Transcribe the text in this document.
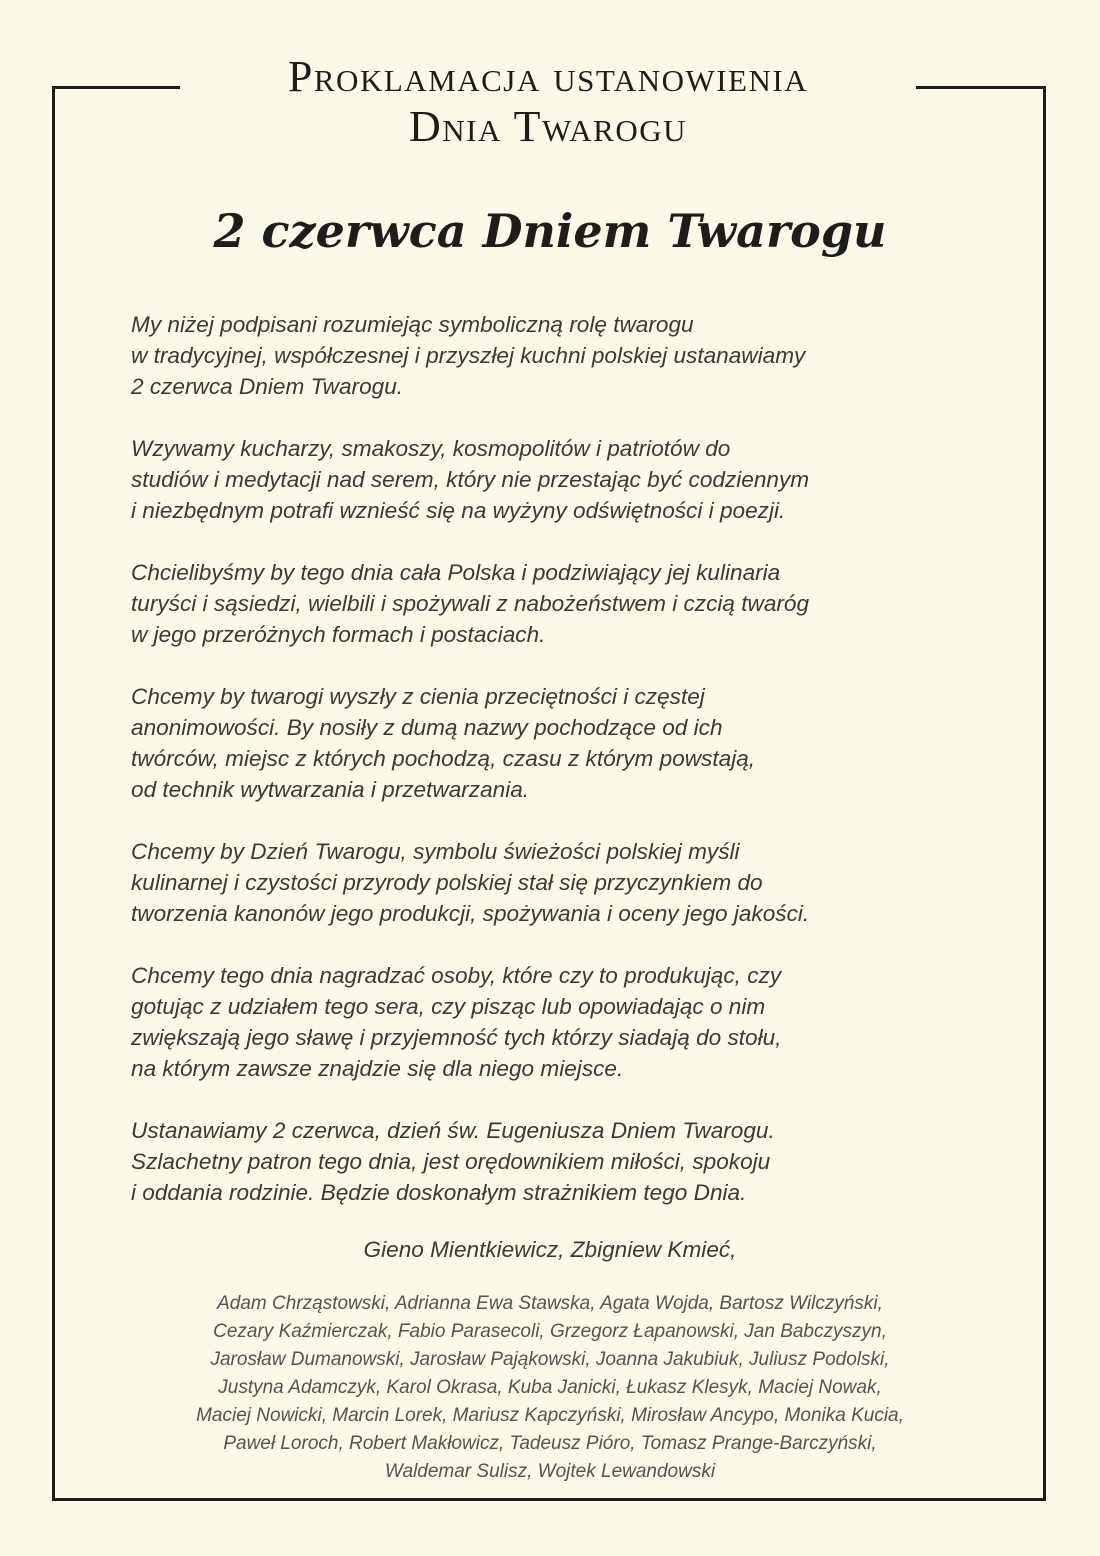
Proklamacja ustanowienia
Dnia Twarogu
2 czerwca Dniem Twarogu

My niżej podpisani rozumiejąc symboliczną rolę twarogu
w tradycyjnej, współczesnej i przyszłej kuchni polskiej ustanawiamy
2 czerwca Dniem Twarogu.

Wzywamy kucharzy, smakoszy, kosmopolitów i patriotów do
studiów i medytacji nad serem, który nie przestając być codziennym
i niezbędnym potrafi wznieść się na wyżyny odświętności i poezji.

Chcielibyśmy by tego dnia cała Polska i podziwiający jej kulinaria
turyści i sąsiedzi, wielbili i spożywali z nabożeństwem i czcią twaróg
w jego przeróżnych formach i postaciach.

Chcemy by twarogi wyszły z cienia przeciętności i częstej
anonimowości. By nosiły z dumą nazwy pochodzące od ich
twórców, miejsc z których pochodzą, czasu z którym powstają,
od technik wytwarzania i przetwarzania.

Chcemy by Dzień Twarogu, symbolu świeżości polskiej myśli
kulinarnej i czystości przyrody polskiej stał się przyczynkiem do
tworzenia kanonów jego produkcji, spożywania i oceny jego jakości.

Chcemy tego dnia nagradzać osoby, które czy to produkując, czy
gotując z udziałem tego sera, czy pisząc lub opowiadając o nim
zwiększają jego sławę i przyjemność tych którzy siadają do stołu,
na którym zawsze znajdzie się dla niego miejsce.

Ustanawiamy 2 czerwca, dzień św. Eugeniusza Dniem Twarogu.
Szlachetny patron tego dnia, jest orędownikiem miłości, spokoju
i oddania rodzinie. Będzie doskonałym strażnikiem tego Dnia.

Gieno Mientkiewicz, Zbigniew Kmieć,
Adam Chrząstowski, Adrianna Ewa Stawska, Agata Wojda, Bartosz Wilczyński,
Cezary Kaźmierczak, Fabio Parasecoli, Grzegorz Łapanowski, Jan Babczyszyn,
Jarosław Dumanowski, Jarosław Pająkowski, Joanna Jakubiuk, Juliusz Podolski,
Justyna Adamczyk, Karol Okrasa, Kuba Janicki, Łukasz Klesyk, Maciej Nowak,
Maciej Nowicki, Marcin Lorek, Mariusz Kapczyński, Mirosław Ancypo, Monika Kucia,
Paweł Loroch, Robert Makłowicz, Tadeusz Pióro, Tomasz Prange-Barczyński,
Waldemar Sulisz, Wojtek Lewandowski
